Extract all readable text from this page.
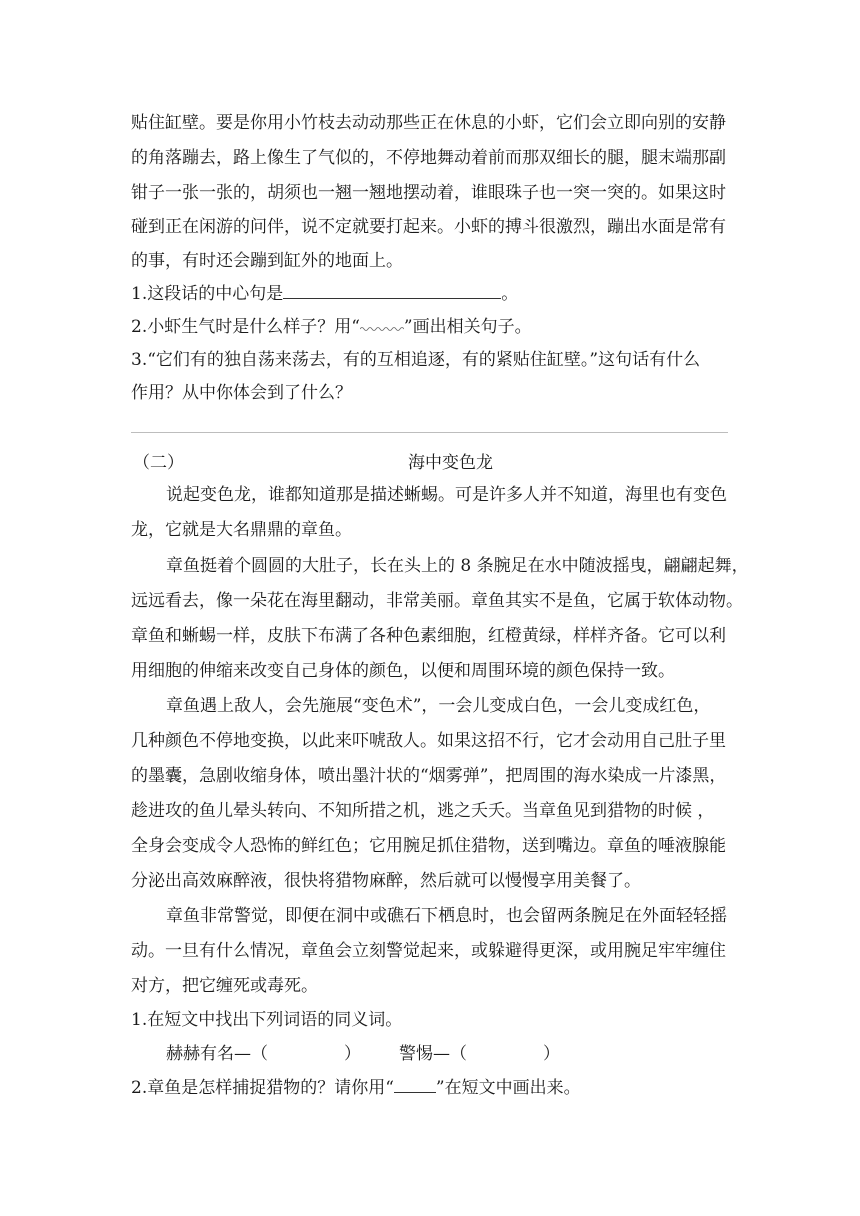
贴住缸壁。要是你用小竹枝去动动那些正在休息的小虾，它们会立即向别的安静
的角落蹦去，路上像生了气似的，不停地舞动着前而那双细长的腿，腿末端那副
钳子一张一张的，胡须也一翘一翘地摆动着，谁眼珠子也一突一突的。如果这时
碰到正在闲游的问伴，说不定就要打起来。小虾的搏斗很激烈，蹦出水面是常有
的事，有时还会蹦到缸外的地面上。
1.这段话的中心句是	。
2.小虾生气时是什么样子？用“	”画出相关句子。
3.“它们有的独自荡来荡去，有的互相追逐，有的紧贴住缸壁。”这句话有什么
作用？从中你体会到了什么？
（二）	海中变色龙
说起变色龙，谁都知道那是描述蜥蜴。可是许多人并不知道，海里也有变色
龙，它就是大名鼎鼎的章鱼。
章鱼挺着个圆圆的大肚子，长在头上的 8 条腕足在水中随波摇曳，翩翩起舞，
远远看去，像一朵花在海里翻动，非常美丽。章鱼其实不是鱼，它属于软体动物。
章鱼和蜥蜴一样，皮肤下布满了各种色素细胞，红橙黄绿，样样齐备。它可以利
用细胞的伸缩来改变自己身体的颜色，以便和周围环境的颜色保持一致。
章鱼遇上敌人，会先施展“变色术”，一会儿变成白色，一会儿变成红色，
几种颜色不停地变换，以此来吓唬敌人。如果这招不行，它才会动用自己肚子里
的墨囊，急剧收缩身体，喷出墨汁状的“烟雾弹”，把周围的海水染成一片漆黑，
趁进攻的鱼儿晕头转向、不知所措之机，逃之夭夭。当章鱼见到猎物的时候 ，
全身会变成令人恐怖的鲜红色；它用腕足抓住猎物，送到嘴边。章鱼的唾液腺能
分泌出高效麻醉液，很快将猎物麻醉，然后就可以慢慢享用美餐了。
章鱼非常警觉，即便在洞中或礁石下栖息时，也会留两条腕足在外面轻轻摇
动。一旦有什么情况，章鱼会立刻警觉起来，或躲避得更深，或用腕足牢牢缠住
对方，把它缠死或毒死。
1.在短文中找出下列词语的同义词。
赫赫有名—（	） 警惕—（	）
2.章鱼是怎样捕捉猎物的？请你用“ ”在短文中画出来。
